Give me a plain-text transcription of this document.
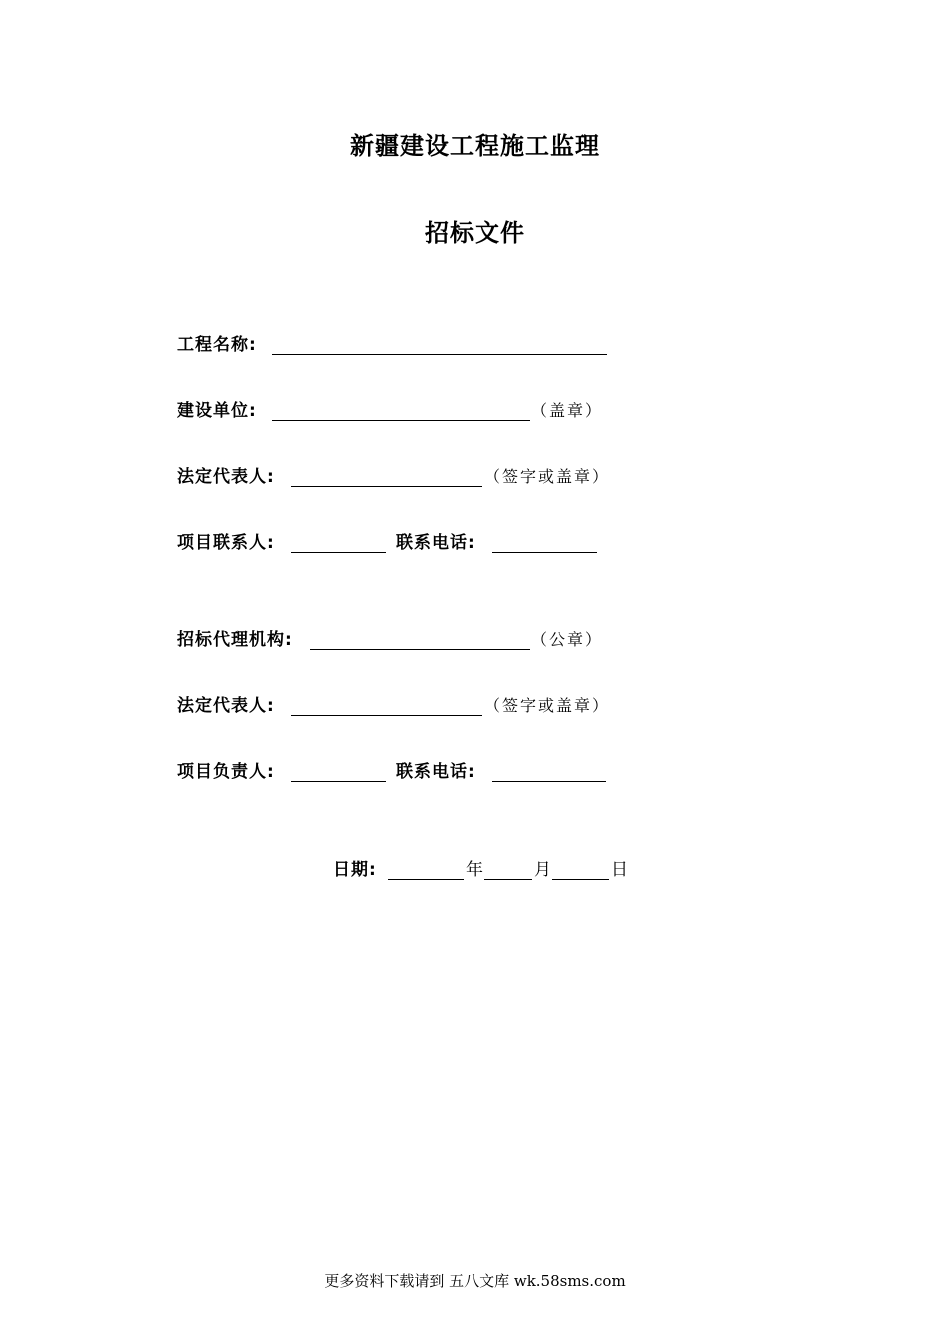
新疆建设工程施工监理
招标文件
工程名称:
建设单位:	（盖章）
法定代表人:	（签字或盖章）
项目联系人:	联系电话:
招标代理机构:	（公章）
法定代表人:	（签字或盖章）
项目负责人:	联系电话:
日期:	年	月	日
更多资料下载请到 五八文库 wk.58sms.com
